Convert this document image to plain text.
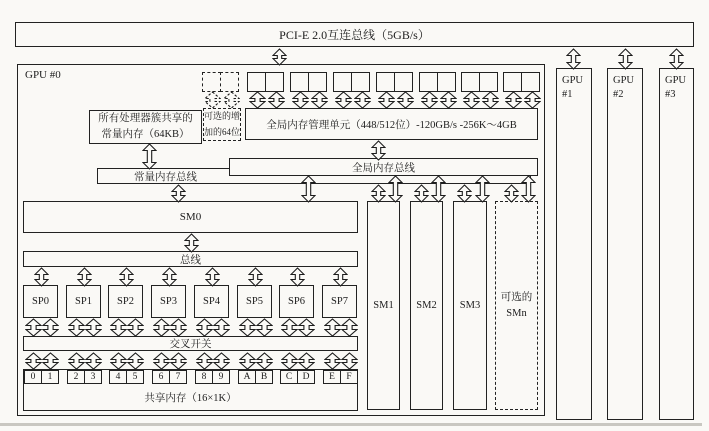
PCI-E 2.0互连总线（5GB/s）
GPU #0
所有处理器簇共享的
常量内存（64KB）
可选的增
加的64位
全局内存管理单元（448/512位）-120GB/s -256K～4GB
常量内存总线
全局内存总线
SM0
总线
SP0 SP1 SP2 SP3 SP4 SP5 SP6 SP7
交叉开关
0	1	2	3	4	5	6	7	8	9	A	B	C	D	E	F
共享内存（16×1K）
SM1 SM2 SM3
可选的
SMn
GPU
#1
GPU
#2
GPU
#3
